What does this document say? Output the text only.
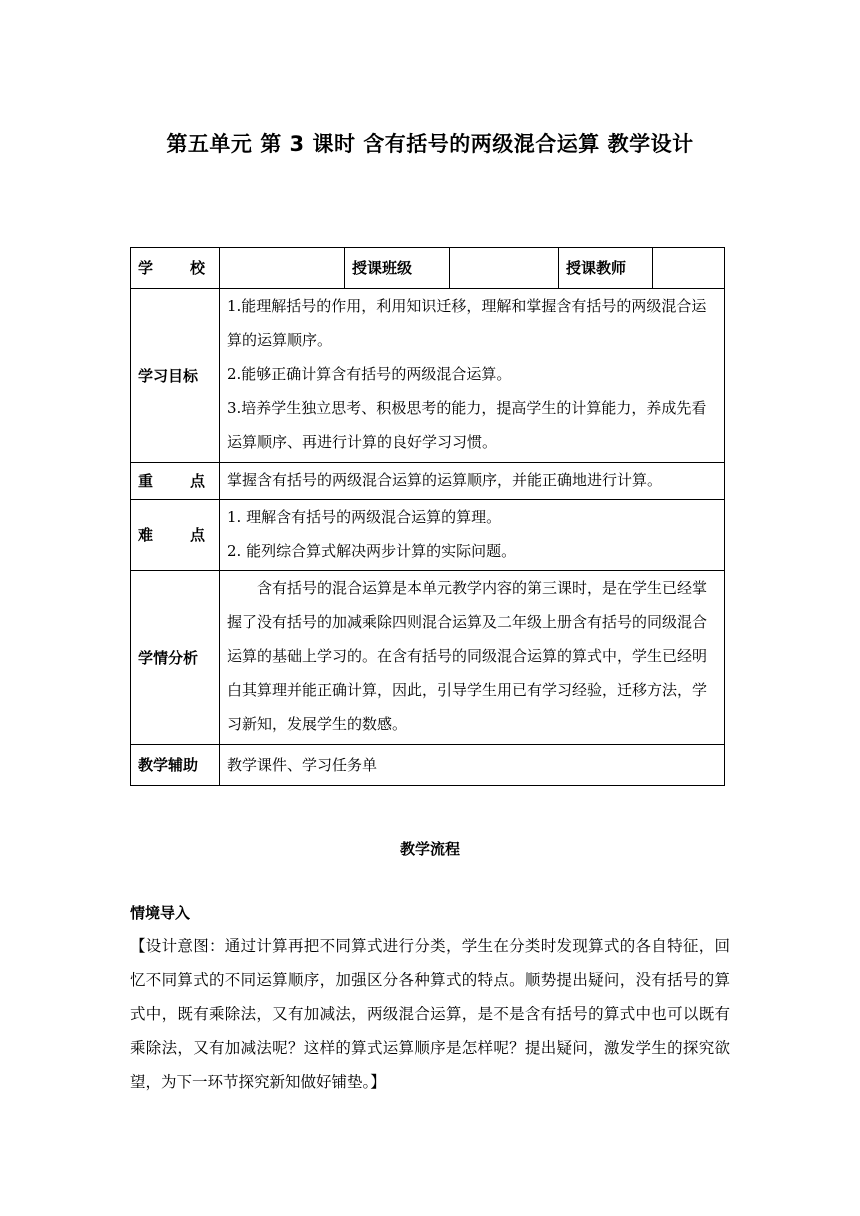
第五单元 第 3 课时 含有括号的两级混合运算 教学设计
学校		授课班级		授课教师	
学习目标	1.能理解括号的作用，利用知识迁移，理解和掌握含有括号的两级混合运算的运算顺序。

2.能够正确计算含有括号的两级混合运算。

3.培养学生独立思考、积极思考的能力，提高学生的计算能力，养成先看运算顺序、再进行计算的良好学习习惯。				

重点	掌握含有括号的两级混合运算的运算顺序，并能正确地进行计算。				

难点	1. 理解含有括号的两级混合运算的算理。

2. 能列综合算式解决两步计算的实际问题。				

学情分析	含有括号的混合运算是本单元教学内容的第三课时，是在学生已经掌握了没有括号的加减乘除四则混合运算及二年级上册含有括号的同级混合运算的基础上学习的。在含有括号的同级混合运算的算式中，学生已经明白其算理并能正确计算，因此，引导学生用已有学习经验，迁移方法，学习新知，发展学生的数感。				

教学辅助	教学课件、学习任务单				

教学流程
情境导入
【设计意图：通过计算再把不同算式进行分类，学生在分类时发现算式的各自特征，回忆不同算式的不同运算顺序，加强区分各种算式的特点。顺势提出疑问，没有括号的算式中，既有乘除法，又有加减法，两级混合运算，是不是含有括号的算式中也可以既有乘除法，又有加减法呢？这样的算式运算顺序是怎样呢？提出疑问，激发学生的探究欲望，为下一环节探究新知做好铺垫。】
